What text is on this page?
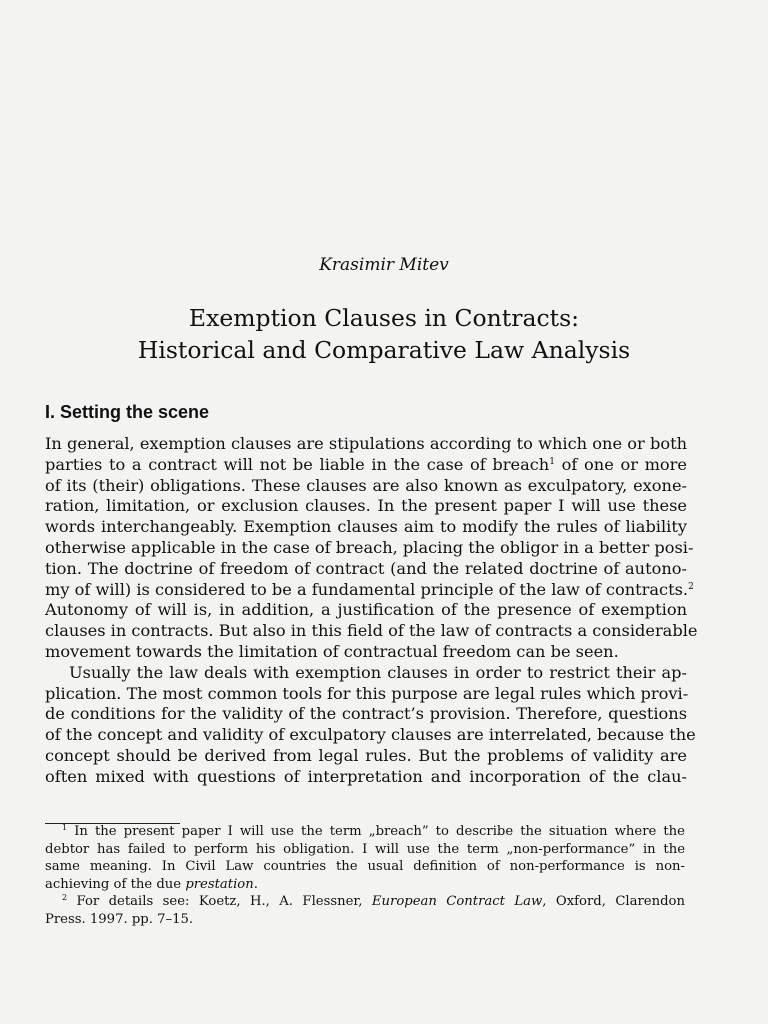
Krasimir Mitev
Exemption Clauses in Contracts:
Historical and Comparative Law Analysis
I. Setting the scene
In general, exemption clauses are stipulations according to which one or both
parties to a contract will not be liable in the case of breach$^1$ of one or more
of its (their) obligations. These clauses are also known as exculpatory, exone-
ration, limitation, or exclusion clauses. In the present paper I will use these
words interchangeably. Exemption clauses aim to modify the rules of liability
otherwise applicable in the case of breach, placing the obligor in a better posi-
tion. The doctrine of freedom of contract (and the related doctrine of autono-
my of will) is considered to be a fundamental principle of the law of contracts.$^2$
Autonomy of will is, in addition, a justification of the presence of exemption
clauses in contracts. But also in this field of the law of contracts a considerable
movement towards the limitation of contractual freedom can be seen.
Usually the law deals with exemption clauses in order to restrict their ap-
plication. The most common tools for this purpose are legal rules which provi-
de conditions for the validity of the contract’s provision. Therefore, questions
of the concept and validity of exculpatory clauses are interrelated, because the
concept should be derived from legal rules. But the problems of validity are
often mixed with questions of interpretation and incorporation of the clau-
$^1$ In the present paper I will use the term „breach” to describe the situation where the
debtor has failed to perform his obligation. I will use the term „non-performance” in the
same meaning. In Civil Law countries the usual definition of non-performance is non-
achieving of the due prestation.
$^2$ For details see: Koetz, H., A. Flessner, European Contract Law, Oxford, Clarendon
Press. 1997. pp. 7–15.
